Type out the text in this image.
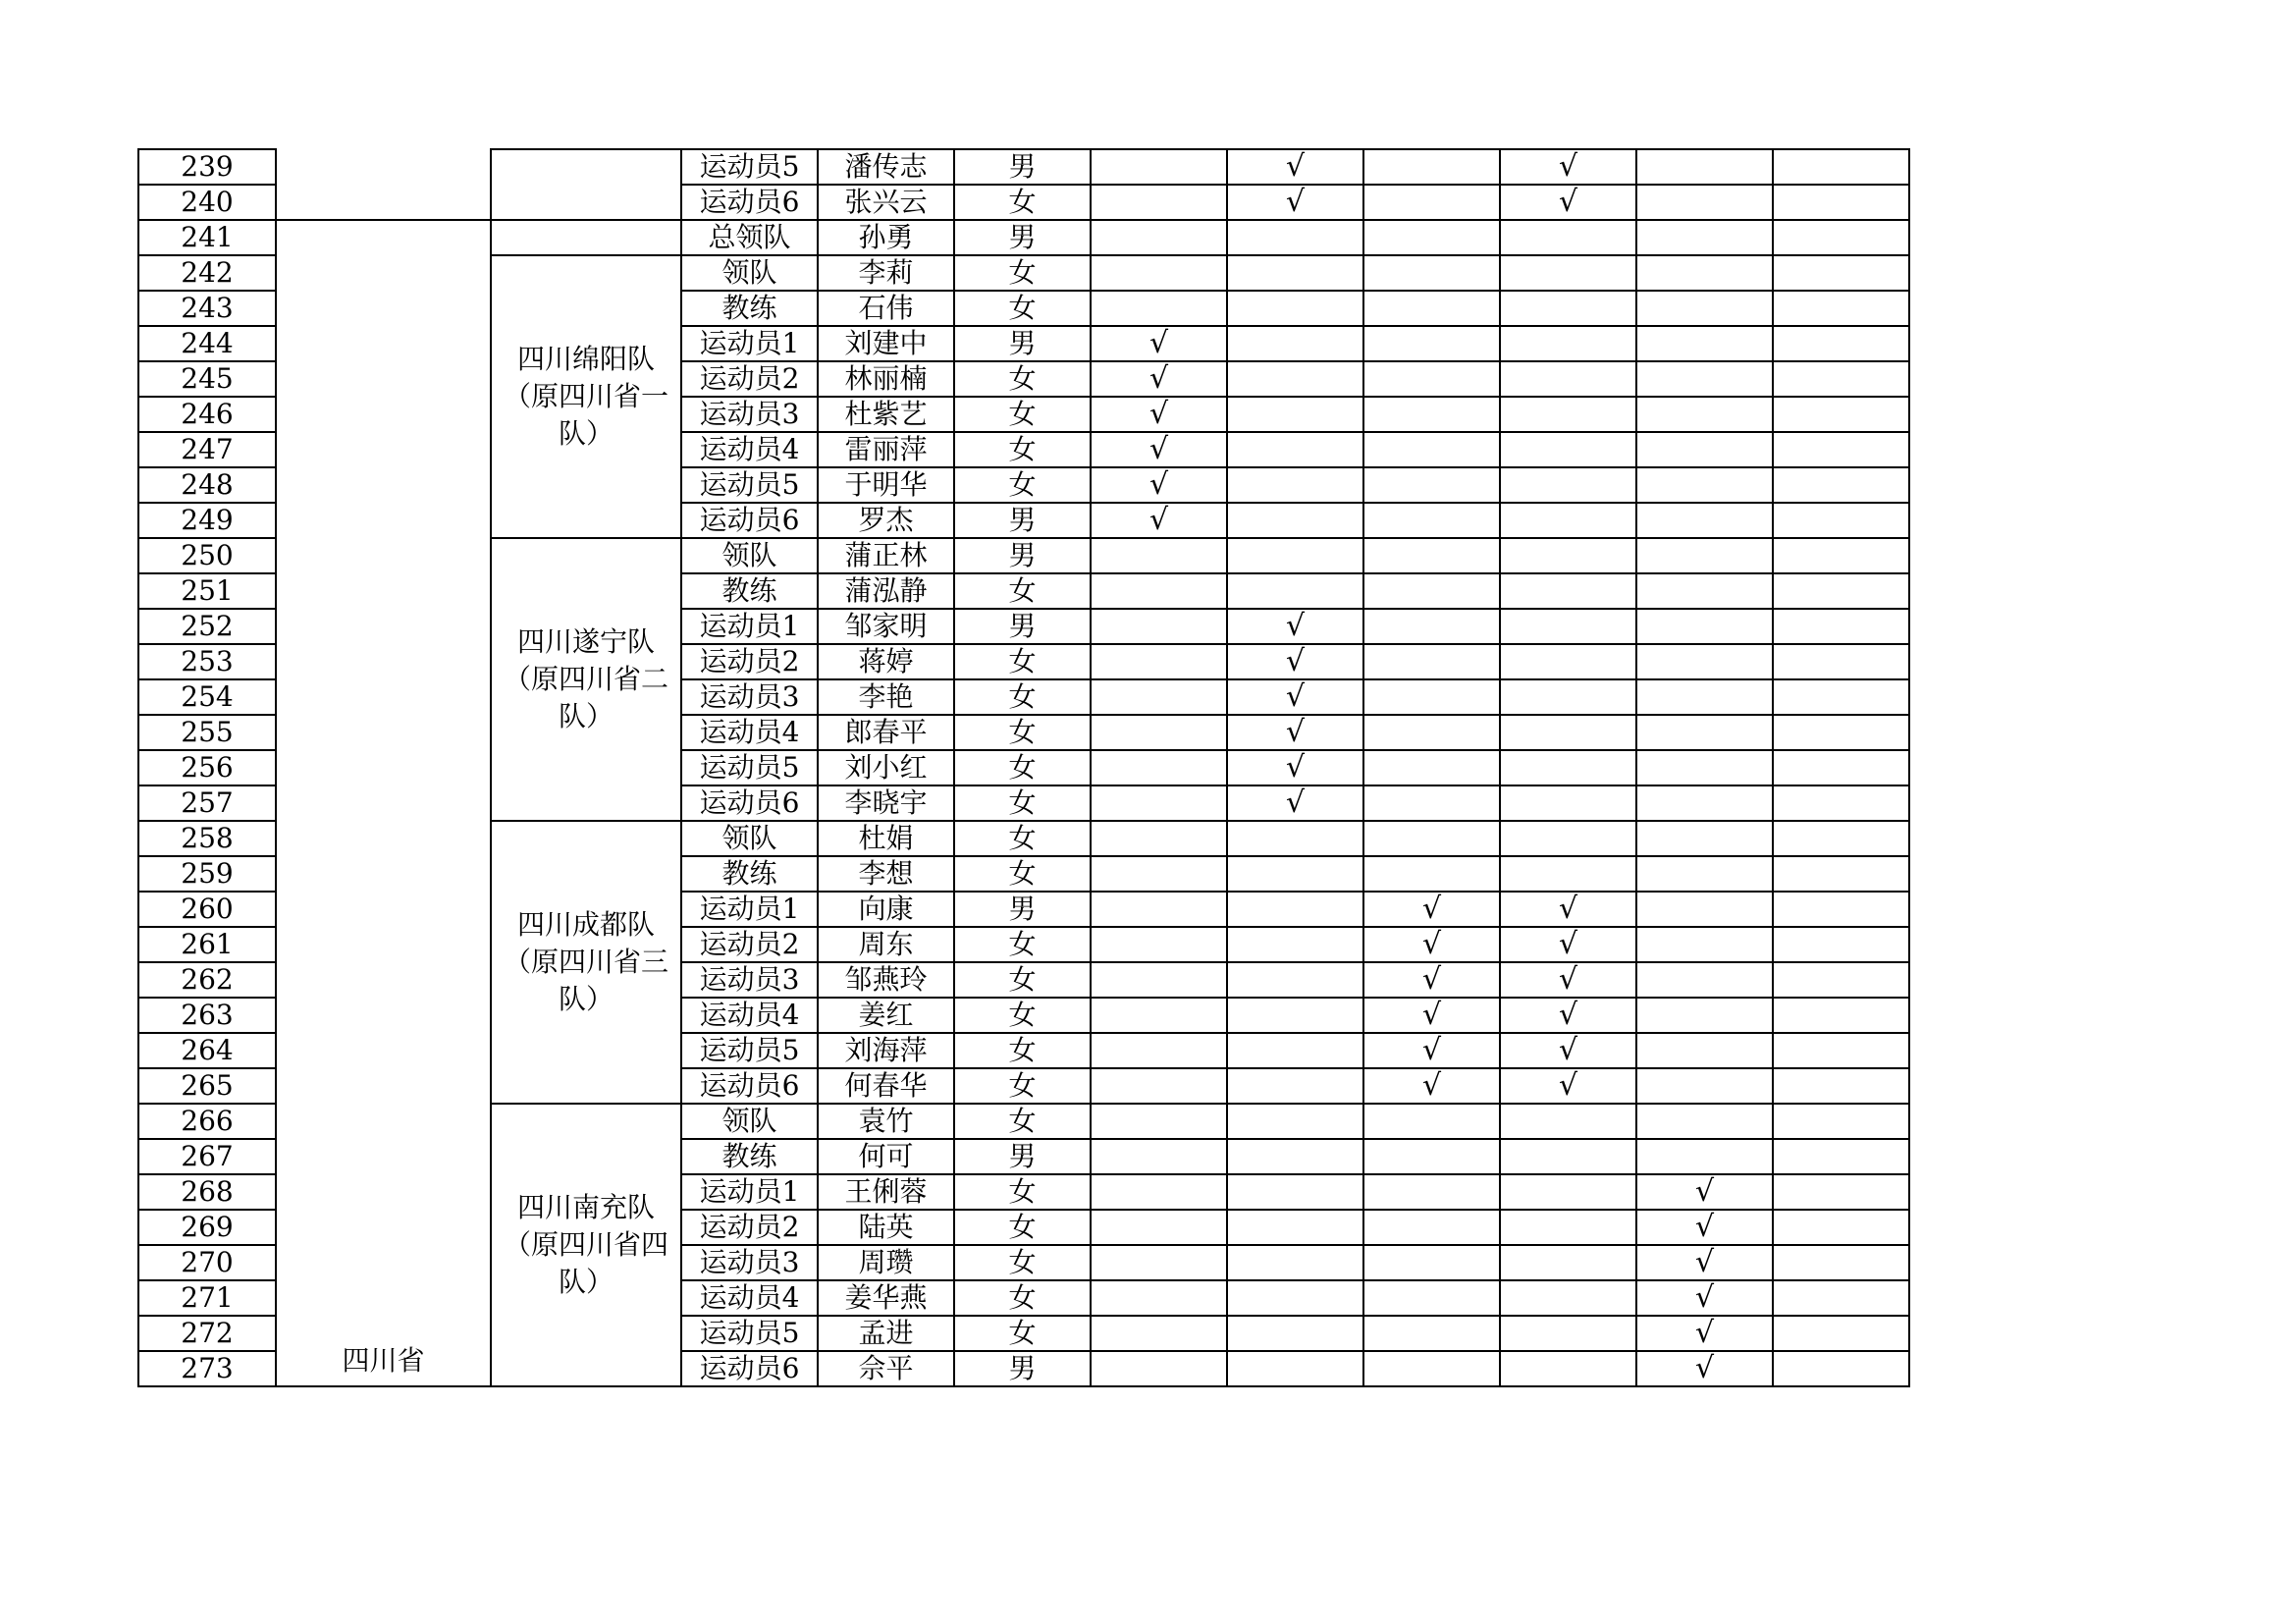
239			运动员5	潘传志	男		√		√		
240			运动员6	张兴云	女		√		√		
241	四川省		总领队	孙勇	男						
242		四川绵阳队（原四川省一队）	领队	李莉	女						
243			教练	石伟	女						
244			运动员1	刘建中	男	√					
245			运动员2	林丽楠	女	√					
246			运动员3	杜紫艺	女	√					
247			运动员4	雷丽萍	女	√					
248			运动员5	于明华	女	√					
249			运动员6	罗杰	男	√					
250		四川遂宁队（原四川省二队）	领队	蒲正林	男						
251			教练	蒲泓静	女						
252			运动员1	邹家明	男		√				
253			运动员2	蒋婷	女		√				
254			运动员3	李艳	女		√				
255			运动员4	郎春平	女		√				
256			运动员5	刘小红	女		√				
257			运动员6	李晓宇	女		√				
258		四川成都队（原四川省三队）	领队	杜娟	女						
259			教练	李想	女						
260			运动员1	向康	男			√	√		
261			运动员2	周东	女			√	√		
262			运动员3	邹燕玲	女			√	√		
263			运动员4	姜红	女			√	√		
264			运动员5	刘海萍	女			√	√		
265			运动员6	何春华	女			√	√		
266		四川南充队（原四川省四队）	领队	袁竹	女						
267			教练	何可	男						
268			运动员1	王俐蓉	女					√	
269			运动员2	陆英	女					√	
270			运动员3	周瓒	女					√	
271			运动员4	姜华燕	女					√	
272			运动员5	孟进	女					√	
273			运动员6	佘平	男					√	
